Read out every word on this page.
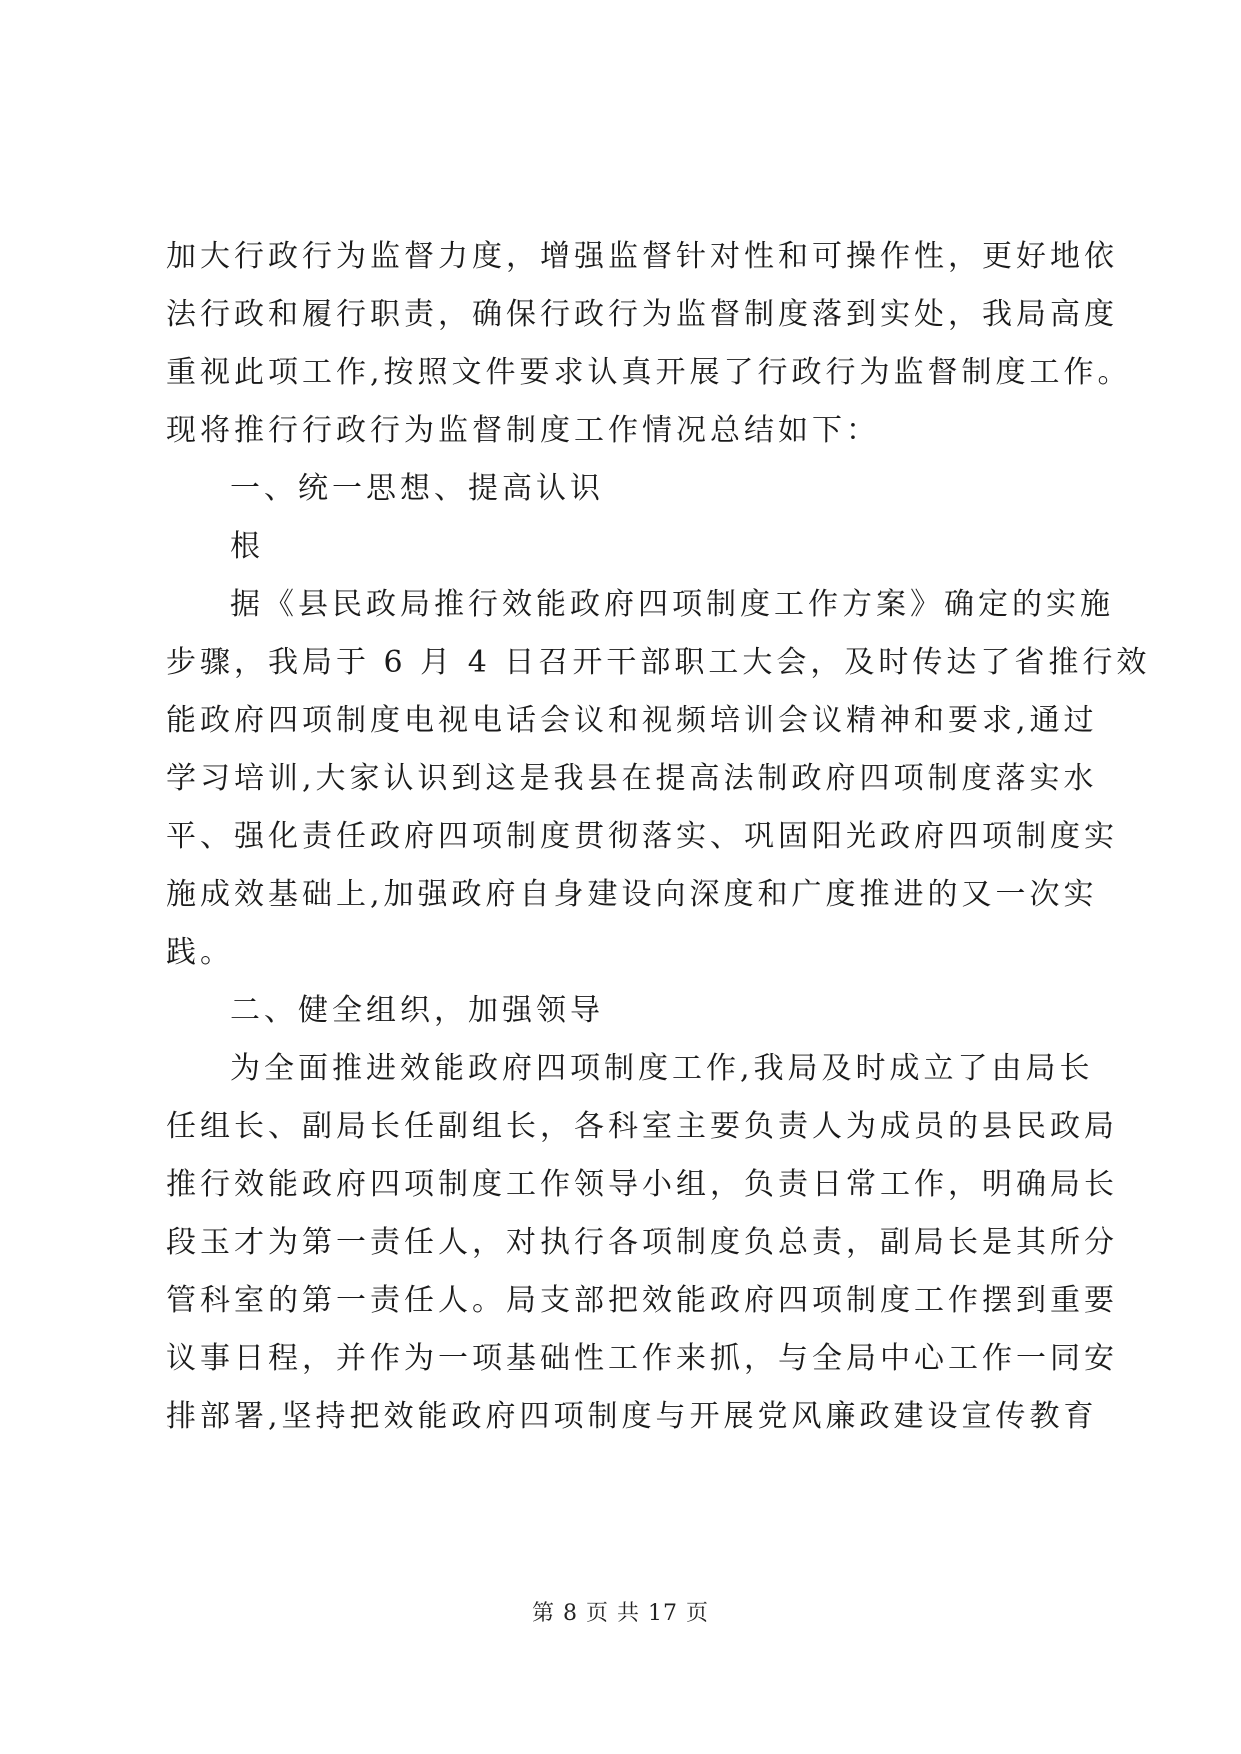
加大行政行为监督力度，增强监督针对性和可操作性，更好地依
法行政和履行职责，确保行政行为监督制度落到实处，我局高度
重视此项工作,按照文件要求认真开展了行政行为监督制度工作。
现将推行行政行为监督制度工作情况总结如下：
一、统一思想、提高认识
根
据《县民政局推行效能政府四项制度工作方案》确定的实施
步骤，我局于 6 月 4 日召开干部职工大会，及时传达了省推行效
能政府四项制度电视电话会议和视频培训会议精神和要求,通过
学习培训,大家认识到这是我县在提高法制政府四项制度落实水
平、强化责任政府四项制度贯彻落实、巩固阳光政府四项制度实
施成效基础上,加强政府自身建设向深度和广度推进的又一次实
践。
二、健全组织，加强领导
为全面推进效能政府四项制度工作,我局及时成立了由局长
任组长、副局长任副组长，各科室主要负责人为成员的县民政局
推行效能政府四项制度工作领导小组，负责日常工作，明确局长
段玉才为第一责任人，对执行各项制度负总责，副局长是其所分
管科室的第一责任人。局支部把效能政府四项制度工作摆到重要
议事日程，并作为一项基础性工作来抓，与全局中心工作一同安
排部署,坚持把效能政府四项制度与开展党风廉政建设宣传教育
第 8 页 共 17 页
